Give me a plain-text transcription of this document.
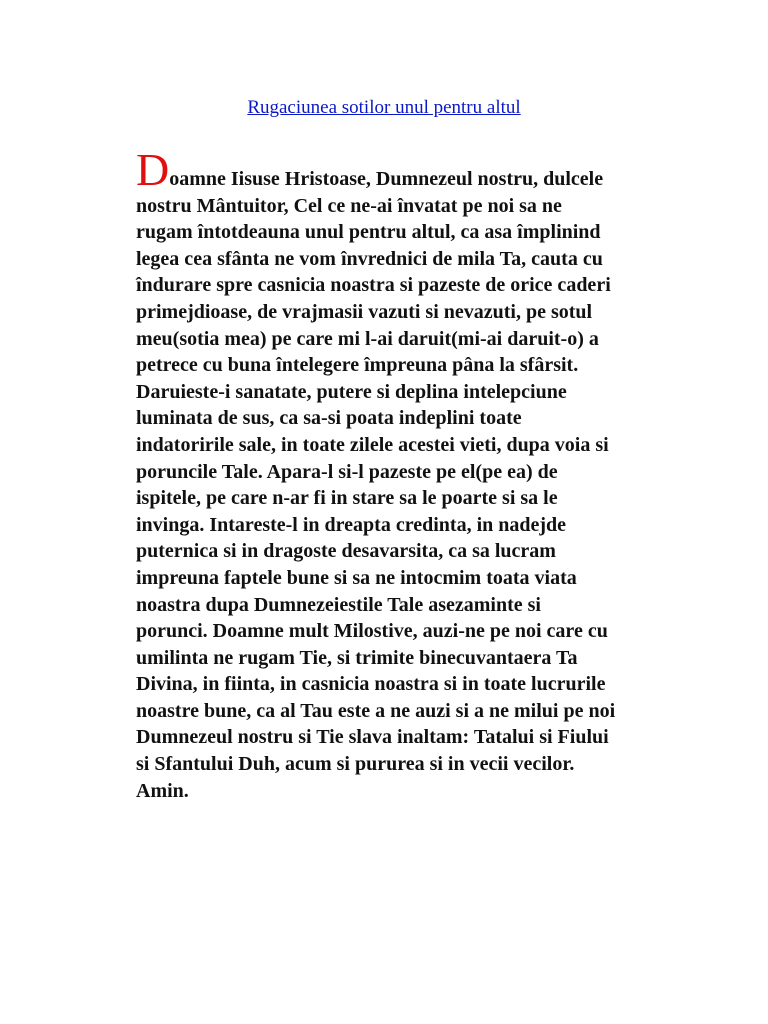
Rugaciunea sotilor unul pentru altul
Doamne Iisuse Hristoase, Dumnezeul nostru, dulcele
nostru Mântuitor, Cel ce ne-ai învatat pe noi sa ne
rugam întotdeauna unul pentru altul, ca asa împlinind
legea cea sfânta ne vom învrednici de mila Ta, cauta cu
îndurare spre casnicia noastra si pazeste de orice caderi
primejdioase, de vrajmasii vazuti si nevazuti, pe sotul
meu(sotia mea) pe care mi l-ai daruit(mi-ai daruit-o) a
petrece cu buna întelegere împreuna pâna la sfârsit.
Daruieste-i sanatate, putere si deplina intelepciune
luminata de sus, ca sa-si poata indeplini toate
indatoririle sale, in toate zilele acestei vieti, dupa voia si
poruncile Tale. Apara-l si-l pazeste pe el(pe ea) de
ispitele, pe care n-ar fi in stare sa le poarte si sa le
invinga. Intareste-l in dreapta credinta, in nadejde
puternica si in dragoste desavarsita, ca sa lucram
impreuna faptele bune si sa ne intocmim toata viata
noastra dupa Dumnezeiestile Tale asezaminte si
porunci. Doamne mult Milostive, auzi-ne pe noi care cu
umilinta ne rugam Tie, si trimite binecuvantaera Ta
Divina, in fiinta, in casnicia noastra si in toate lucrurile
noastre bune, ca al Tau este a ne auzi si a ne milui pe noi
Dumnezeul nostru si Tie slava inaltam: Tatalui si Fiului
si Sfantului Duh, acum si pururea si in vecii vecilor.
Amin.
